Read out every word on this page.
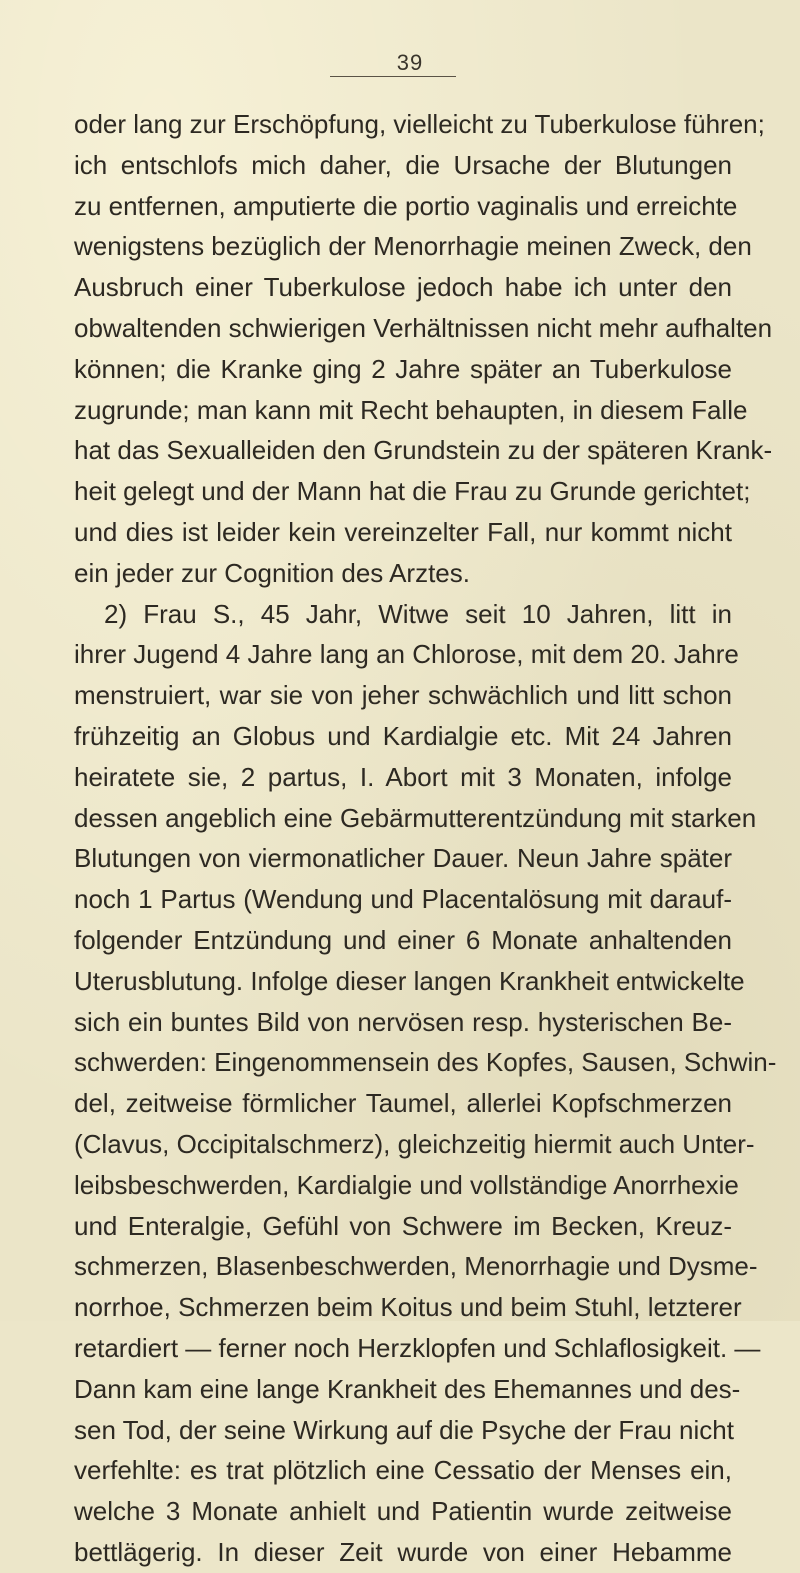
39
oder lang zur Erschöpfung, vielleicht zu Tuberkulose führen;
ich entschlofs mich daher, die Ursache der Blutungen
zu entfernen, amputierte die portio vaginalis und erreichte
wenigstens bezüglich der Menorrhagie meinen Zweck, den
Ausbruch einer Tuberkulose jedoch habe ich unter den
obwaltenden schwierigen Verhältnissen nicht mehr aufhalten
können; die Kranke ging 2 Jahre später an Tuberkulose
zugrunde; man kann mit Recht behaupten, in diesem Falle
hat das Sexualleiden den Grundstein zu der späteren Krank-
heit gelegt und der Mann hat die Frau zu Grunde gerichtet;
und dies ist leider kein vereinzelter Fall, nur kommt nicht
ein jeder zur Cognition des Arztes.
2) Frau S., 45 Jahr, Witwe seit 10 Jahren, litt in
ihrer Jugend 4 Jahre lang an Chlorose, mit dem 20. Jahre
menstruiert, war sie von jeher schwächlich und litt schon
frühzeitig an Globus und Kardialgie etc. Mit 24 Jahren
heiratete sie, 2 partus, I. Abort mit 3 Monaten, infolge
dessen angeblich eine Gebärmutterentzündung mit starken
Blutungen von viermonatlicher Dauer. Neun Jahre später
noch 1 Partus (Wendung und Placentalösung mit darauf-
folgender Entzündung und einer 6 Monate anhaltenden
Uterusblutung. Infolge dieser langen Krankheit entwickelte
sich ein buntes Bild von nervösen resp. hysterischen Be-
schwerden: Eingenommensein des Kopfes, Sausen, Schwin-
del, zeitweise förmlicher Taumel, allerlei Kopfschmerzen
(Clavus, Occipitalschmerz), gleichzeitig hiermit auch Unter-
leibsbeschwerden, Kardialgie und vollständige Anorrhexie
und Enteralgie, Gefühl von Schwere im Becken, Kreuz-
schmerzen, Blasenbeschwerden, Menorrhagie und Dysme-
norrhoe, Schmerzen beim Koitus und beim Stuhl, letzterer
retardiert — ferner noch Herzklopfen und Schlaflosigkeit. —
Dann kam eine lange Krankheit des Ehemannes und des-
sen Tod, der seine Wirkung auf die Psyche der Frau nicht
verfehlte: es trat plötzlich eine Cessatio der Menses ein,
welche 3 Monate anhielt und Patientin wurde zeitweise
bettlägerig. In dieser Zeit wurde von einer Hebamme
